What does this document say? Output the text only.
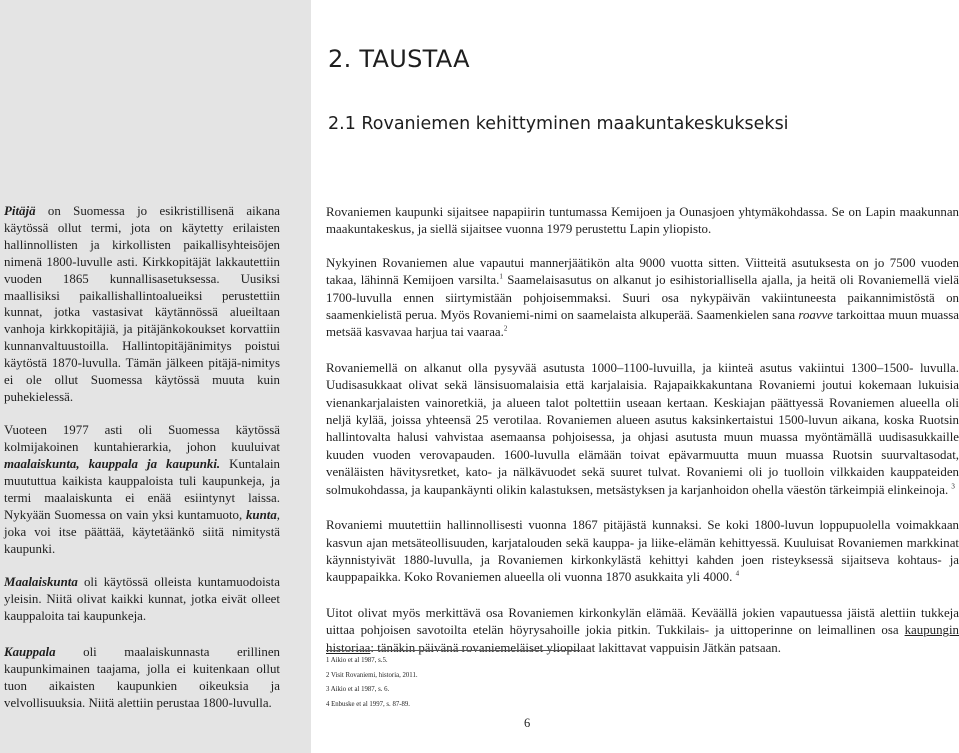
Pitäjä on Suomessa jo esikristillisenä aikana käytössä ollut termi, jota on käytetty erilaisten hallinnollisten ja kirkollisten paikallisyhteisöjen nimenä 1800-luvulle asti. Kirkkopitäjät lakkautettiin vuoden 1865 kunnallisasetuksessa. Uusiksi maallisiksi paikallishallintoalueiksi perustettiin kunnat, jotka vastasivat käytännössä alueiltaan vanhoja kirkkopitäjiä, ja pitäjänkokoukset korvattiin kunnanvaltuustoilla. Hallintopitäjänimitys poistui käytöstä 1870-luvulla. Tämän jälkeen pitäjä-nimitys ei ole ollut Suomessa käytössä muuta kuin puhekielessä.

Vuoteen 1977 asti oli Suomessa käytössä kolmijakoinen kuntahierarkia, johon kuuluivat maalaiskunta, kauppala ja kaupunki. Kuntalain muututtua kaikista kauppaloista tuli kaupunkeja, ja termi maalaiskunta ei enää esiintynyt laissa. Nykyään Suomessa on vain yksi kuntamuoto, kunta, joka voi itse päättää, käytetäänkö siitä nimitystä kaupunki.

Maalaiskunta oli käytössä olleista kuntamuodoista yleisin. Niitä olivat kaikki kunnat, jotka eivät olleet kauppaloita tai kaupunkeja.

Kauppala oli maalaiskunnasta erillinen kaupunkimainen taajama, jolla ei kuitenkaan ollut tuon aikaisten kaupunkien oikeuksia ja velvollisuuksia. Niitä alettiin perustaa 1800-luvulla.

2. TAUSTAA
2.1 Rovaniemen kehittyminen maakuntakeskukseksi

Rovaniemen kaupunki sijaitsee napapiirin tuntumassa Kemijoen ja Ounasjoen yhtymäkohdassa. Se on Lapin maakunnan maakuntakeskus, ja siellä sijaitsee vuonna 1979 perustettu Lapin yliopisto.

Nykyinen Rovaniemen alue vapautui mannerjäätikön alta 9000 vuotta sitten. Viitteitä asutuksesta on jo 7500 vuoden takaa, lähinnä Kemijoen varsilta.$^1$ Saamelaisasutus on alkanut jo esihistoriallisella ajalla, ja heitä oli Rovaniemellä vielä 1700-luvulla ennen siirtymistään pohjoisemmaksi. Suuri osa nykypäivän vakiintuneesta paikannimistöstä on saamenkielistä perua. Myös Rovaniemi-nimi on saamelaista alkuperää. Saamenkielen sana roavve tarkoittaa muun muassa metsää kasvavaa harjua tai vaaraa.$^2$

Rovaniemellä on alkanut olla pysyvää asutusta 1000–1100-luvuilla, ja kiinteä asutus vakiintui 1300–1500- luvulla. Uudisasukkaat olivat sekä länsisuomalaisia että karjalaisia. Rajapaikkakuntana Rovaniemi joutui kokemaan lukuisia vienankarjalaisten vainoretkiä, ja alueen talot poltettiin useaan kertaan. Keskiajan päättyessä Rovaniemen alueella oli neljä kylää, joissa yhteensä 25 verotilaa. Rovaniemen alueen asutus kaksinkertaistui 1500-luvun aikana, koska Ruotsin hallintovalta halusi vahvistaa asemaansa pohjoisessa, ja ohjasi asutusta muun muassa myöntämällä uudisasukkaille kuuden vuoden verovapauden. 1600-luvulla elämään toivat epävarmuutta muun muassa Ruotsin suurvaltasodat, venäläisten hävitysretket, kato- ja nälkävuodet sekä suuret tulvat. Rovaniemi oli jo tuolloin vilkkaiden kauppateiden solmukohdassa, ja kaupankäynti olikin kalastuksen, metsästyksen ja karjanhoidon ohella väestön tärkeimpiä elinkeinoja. $^3$

Rovaniemi muutettiin hallinnollisesti vuonna 1867 pitäjästä kunnaksi. Se koki 1800-luvun loppupuolella voimakkaan kasvun ajan metsäteollisuuden, karjatalouden sekä kauppa- ja liike-elämän kehittyessä. Kuuluisat Rovaniemen markkinat käynnistyivät 1880-luvulla, ja Rovaniemen kirkonkylästä kehittyi kahden joen risteyksessä sijaitseva kohtaus- ja kauppapaikka. Koko Rovaniemen alueella oli vuonna 1870 asukkaita yli 4000. $^4$

Uitot olivat myös merkittävä osa Rovaniemen kirkonkylän elämää. Keväällä jokien vapautuessa jäistä alettiin tukkeja uittaa pohjoisen savotoilta etelän höyrysahoille jokia pitkin. Tukkilais- ja uittoperinne on leimallinen osa kaupungin historiaa: tänäkin päivänä rovaniemeläiset yliopilaat lakittavat vappuisin Jätkän patsaan.

1 Aikio et al 1987, s.5.
2 Visit Rovaniemi, historia, 2011.
3 Aikio et al 1987, s. 6.
4 Enbuske et al 1997, s. 87-89.
6
